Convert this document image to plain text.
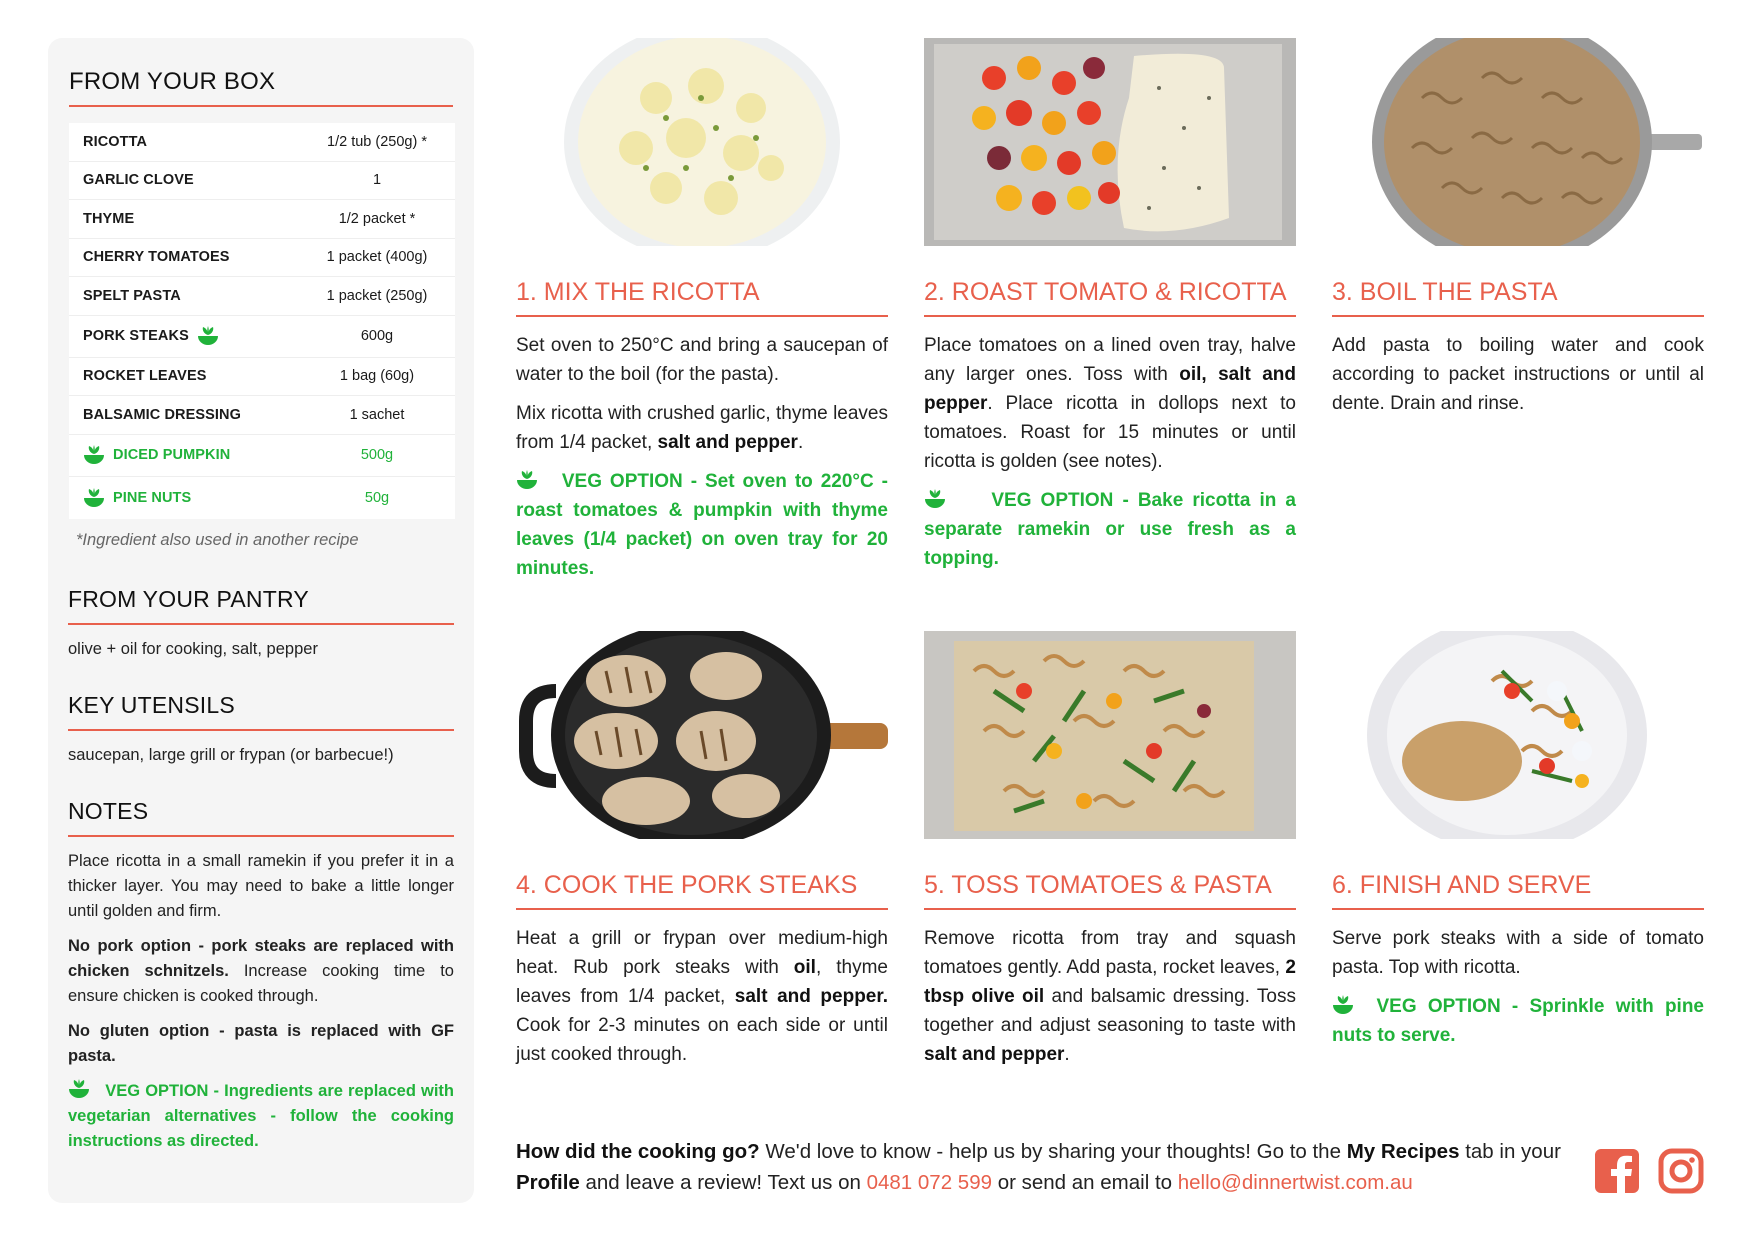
FROM YOUR BOX
RICOTTA	1/2 tub (250g) *
GARLIC CLOVE	1
THYME	1/2 packet *
CHERRY TOMATOES	1 packet (400g)
SPELT PASTA	1 packet (250g)
PORK STEAKS	600g
ROCKET LEAVES	1 bag (60g)
BALSAMIC DRESSING	1 sachet
DICED PUMPKIN	500g
PINE NUTS	50g
*Ingredient also used in another recipe
FROM YOUR PANTRY
olive + oil for cooking, salt, pepper
KEY UTENSILS
saucepan, large grill or frypan (or barbecue!)
NOTES

Place ricotta in a small ramekin if you prefer it in a thicker layer. You may need to bake a little longer until golden and firm.

No pork option - pork steaks are replaced with chicken schnitzels. Increase cooking time to ensure chicken is cooked through.

No gluten option - pasta is replaced with GF pasta.

VEG OPTION - Ingredients are replaced with vegetarian alternatives - follow the cooking instructions as directed.

1. MIX THE RICOTTA

Set oven to 250°C and bring a saucepan of water to the boil (for the pasta).

Mix ricotta with crushed garlic, thyme leaves from 1/4 packet, salt and pepper.

VEG OPTION - Set oven to 220°C - roast tomatoes & pumpkin with thyme leaves (1/4 packet) on oven tray for 20 minutes.

2. ROAST TOMATO & RICOTTA

Place tomatoes on a lined oven tray, halve any larger ones. Toss with oil, salt and pepper. Place ricotta in dollops next to tomatoes. Roast for 15 minutes or until ricotta is golden (see notes).

VEG OPTION - Bake ricotta in a separate ramekin or use fresh as a topping.

3. BOIL THE PASTA

Add pasta to boiling water and cook according to packet instructions or until al dente. Drain and rinse.

4. COOK THE PORK STEAKS

Heat a grill or frypan over medium-high heat. Rub pork steaks with oil, thyme leaves from 1/4 packet, salt and pepper. Cook for 2-3 minutes on each side or until just cooked through.

5. TOSS TOMATOES & PASTA

Remove ricotta from tray and squash tomatoes gently. Add pasta, rocket leaves, 2 tbsp olive oil and balsamic dressing. Toss together and adjust seasoning to taste with salt and pepper.

6. FINISH AND SERVE

Serve pork steaks with a side of tomato pasta. Top with ricotta.

VEG OPTION - Sprinkle with pine nuts to serve.

How did the cooking go? We'd love to know - help us by sharing your thoughts! Go to the My Recipes tab in your Profile and leave a review! Text us on 0481 072 599 or send an email to hello@dinnertwist.com.au
